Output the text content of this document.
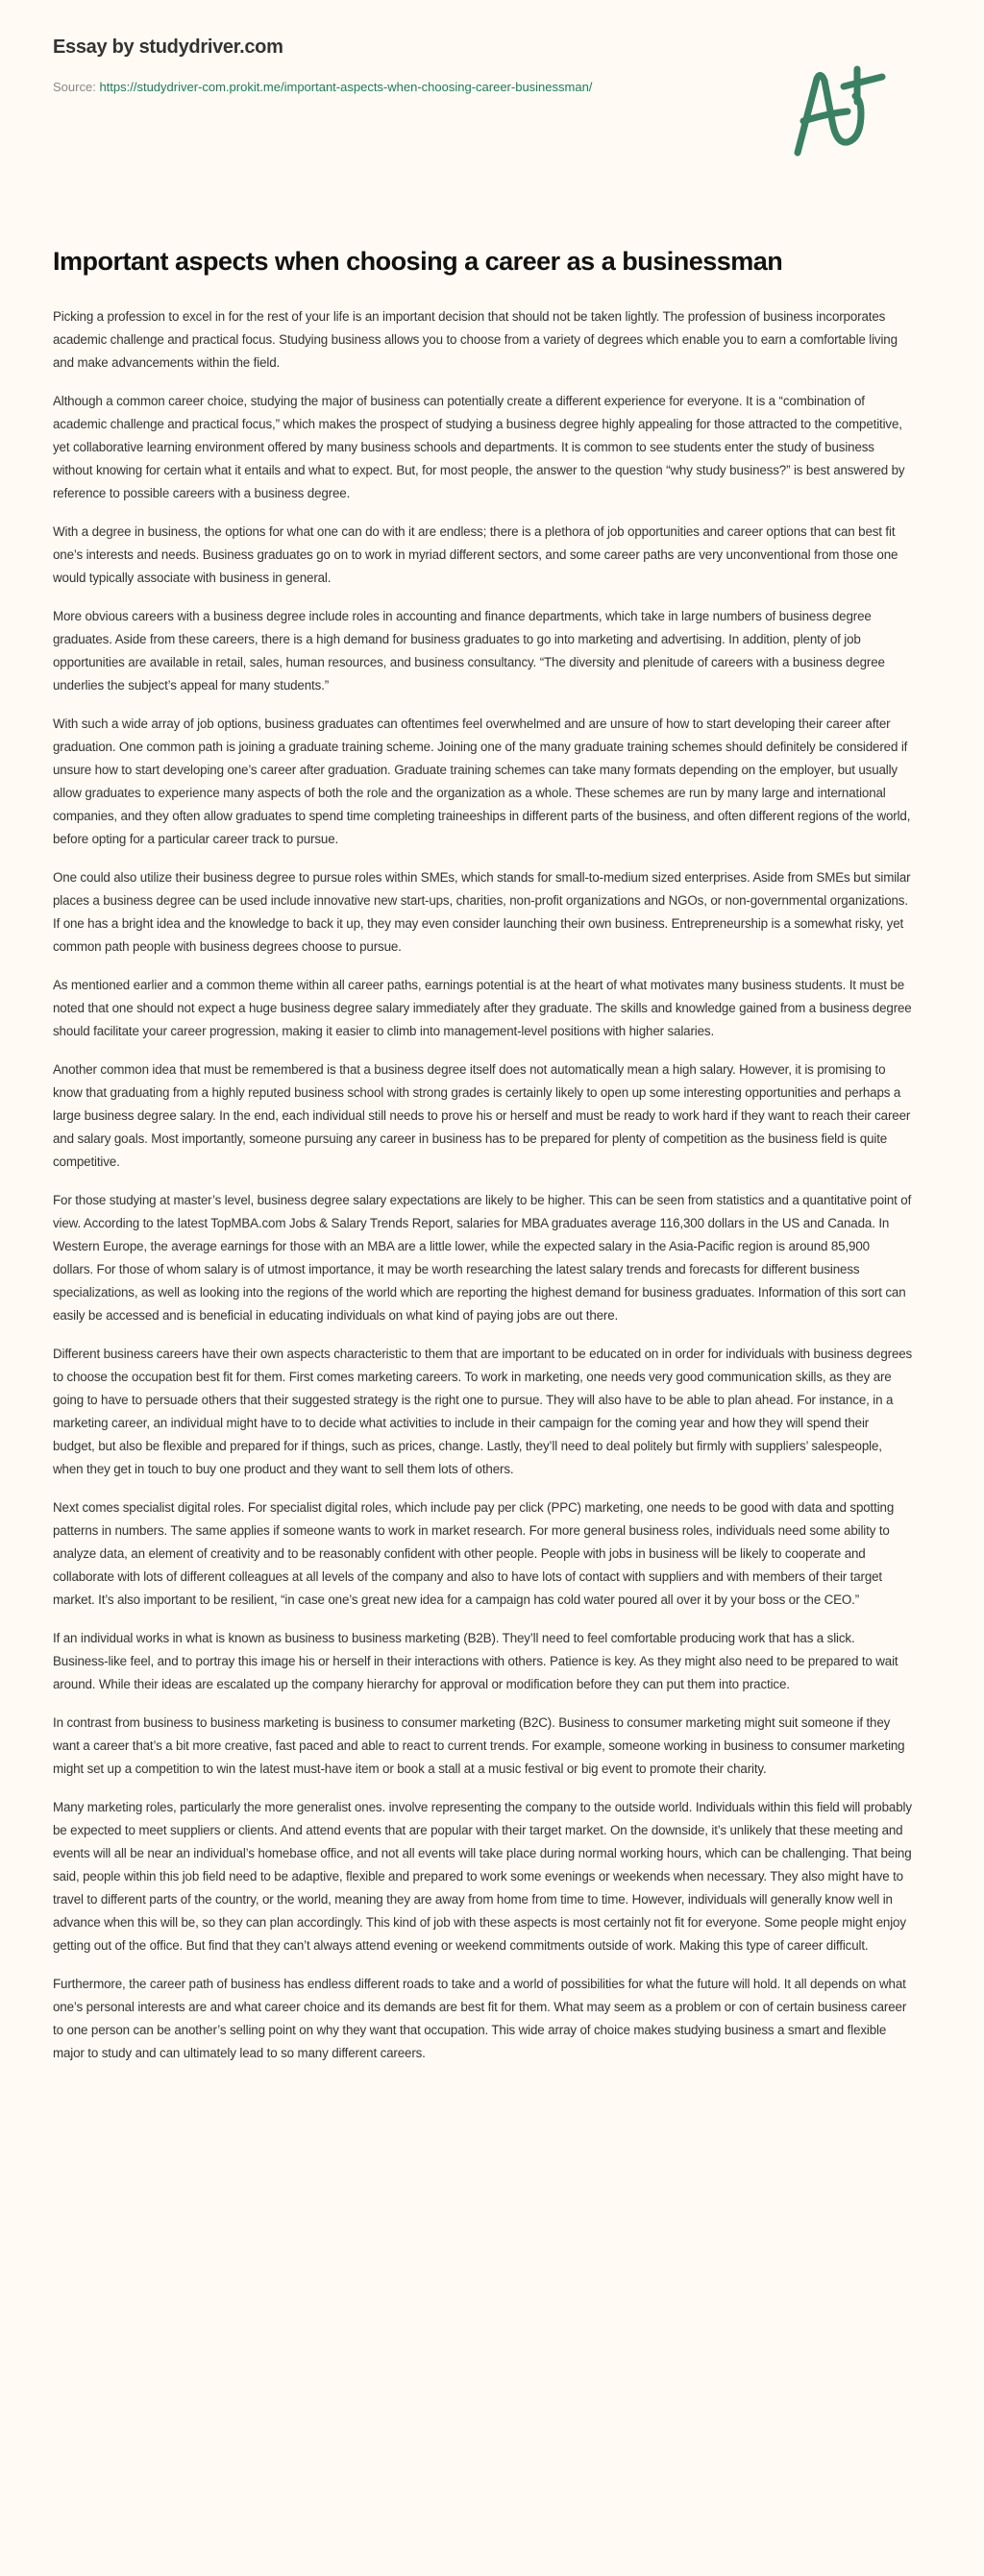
Essay by studydriver.com
Source: https://studydriver-com.prokit.me/important-aspects-when-choosing-career-businessman/
Important aspects when choosing a career as a businessman

Picking a profession to excel in for the rest of your life is an important decision that should not be taken lightly. The profession of business incorporates academic challenge and practical focus. Studying business allows you to choose from a variety of degrees which enable you to earn a comfortable living and make advancements within the field.

Although a common career choice, studying the major of business can potentially create a different experience for everyone. It is a “combination of academic challenge and practical focus,” which makes the prospect of studying a business degree highly appealing for those attracted to the competitive, yet collaborative learning environment offered by many business schools and departments. It is common to see students enter the study of business without knowing for certain what it entails and what to expect. But, for most people, the answer to the question “why study business?” is best answered by reference to possible careers with a business degree.

With a degree in business, the options for what one can do with it are endless; there is a plethora of job opportunities and career options that can best fit one’s interests and needs. Business graduates go on to work in myriad different sectors, and some career paths are very unconventional from those one would typically associate with business in general.

More obvious careers with a business degree include roles in accounting and finance departments, which take in large numbers of business degree graduates. Aside from these careers, there is a high demand for business graduates to go into marketing and advertising. In addition, plenty of job opportunities are available in retail, sales, human resources, and business consultancy. “The diversity and plenitude of careers with a business degree underlies the subject’s appeal for many students.”

With such a wide array of job options, business graduates can oftentimes feel overwhelmed and are unsure of how to start developing their career after graduation. One common path is joining a graduate training scheme. Joining one of the many graduate training schemes should definitely be considered if unsure how to start developing one’s career after graduation. Graduate training schemes can take many formats depending on the employer, but usually allow graduates to experience many aspects of both the role and the organization as a whole. These schemes are run by many large and international companies, and they often allow graduates to spend time completing traineeships in different parts of the business, and often different regions of the world, before opting for a particular career track to pursue.

One could also utilize their business degree to pursue roles within SMEs, which stands for small-to-medium sized enterprises. Aside from SMEs but similar places a business degree can be used include innovative new start-ups, charities, non-profit organizations and NGOs, or non-governmental organizations. If one has a bright idea and the knowledge to back it up, they may even consider launching their own business. Entrepreneurship is a somewhat risky, yet common path people with business degrees choose to pursue.

As mentioned earlier and a common theme within all career paths, earnings potential is at the heart of what motivates many business students. It must be noted that one should not expect a huge business degree salary immediately after they graduate. The skills and knowledge gained from a business degree should facilitate your career progression, making it easier to climb into management-level positions with higher salaries.

Another common idea that must be remembered is that a business degree itself does not automatically mean a high salary. However, it is promising to know that graduating from a highly reputed business school with strong grades is certainly likely to open up some interesting opportunities and perhaps a large business degree salary. In the end, each individual still needs to prove his or herself and must be ready to work hard if they want to reach their career and salary goals. Most importantly, someone pursuing any career in business has to be prepared for plenty of competition as the business field is quite competitive.

For those studying at master’s level, business degree salary expectations are likely to be higher. This can be seen from statistics and a quantitative point of view. According to the latest TopMBA.com Jobs & Salary Trends Report, salaries for MBA graduates average 116,300 dollars in the US and Canada. In Western Europe, the average earnings for those with an MBA are a little lower, while the expected salary in the Asia-Pacific region is around 85,900 dollars. For those of whom salary is of utmost importance, it may be worth researching the latest salary trends and forecasts for different business specializations, as well as looking into the regions of the world which are reporting the highest demand for business graduates. Information of this sort can easily be accessed and is beneficial in educating individuals on what kind of paying jobs are out there.

Different business careers have their own aspects characteristic to them that are important to be educated on in order for individuals with business degrees to choose the occupation best fit for them. First comes marketing careers. To work in marketing, one needs very good communication skills, as they are going to have to persuade others that their suggested strategy is the right one to pursue. They will also have to be able to plan ahead. For instance, in a marketing career, an individual might have to to decide what activities to include in their campaign for the coming year and how they will spend their budget, but also be flexible and prepared for if things, such as prices, change. Lastly, they’ll need to deal politely but firmly with suppliers’ salespeople, when they get in touch to buy one product and they want to sell them lots of others.

Next comes specialist digital roles. For specialist digital roles, which include pay per click (PPC) marketing, one needs to be good with data and spotting patterns in numbers. The same applies if someone wants to work in market research. For more general business roles, individuals need some ability to analyze data, an element of creativity and to be reasonably confident with other people. People with jobs in business will be likely to cooperate and collaborate with lots of different colleagues at all levels of the company and also to have lots of contact with suppliers and with members of their target market. It’s also important to be resilient, “in case one’s great new idea for a campaign has cold water poured all over it by your boss or the CEO.”

If an individual works in what is known as business to business marketing (B2B). They’ll need to feel comfortable producing work that has a slick. Business-like feel, and to portray this image his or herself in their interactions with others. Patience is key. As they might also need to be prepared to wait around. While their ideas are escalated up the company hierarchy for approval or modification before they can put them into practice.

In contrast from business to business marketing is business to consumer marketing (B2C). Business to consumer marketing might suit someone if they want a career that’s a bit more creative, fast paced and able to react to current trends. For example, someone working in business to consumer marketing might set up a competition to win the latest must-have item or book a stall at a music festival or big event to promote their charity.

Many marketing roles, particularly the more generalist ones. involve representing the company to the outside world. Individuals within this field will probably be expected to meet suppliers or clients. And attend events that are popular with their target market. On the downside, it’s unlikely that these meeting and events will all be near an individual’s homebase office, and not all events will take place during normal working hours, which can be challenging. That being said, people within this job field need to be adaptive, flexible and prepared to work some evenings or weekends when necessary. They also might have to travel to different parts of the country, or the world, meaning they are away from home from time to time. However, individuals will generally know well in advance when this will be, so they can plan accordingly. This kind of job with these aspects is most certainly not fit for everyone. Some people might enjoy getting out of the office. But find that they can’t always attend evening or weekend commitments outside of work. Making this type of career difficult.

Furthermore, the career path of business has endless different roads to take and a world of possibilities for what the future will hold. It all depends on what one’s personal interests are and what career choice and its demands are best fit for them. What may seem as a problem or con of certain business career to one person can be another’s selling point on why they want that occupation. This wide array of choice makes studying business a smart and flexible major to study and can ultimately lead to so many different careers.
